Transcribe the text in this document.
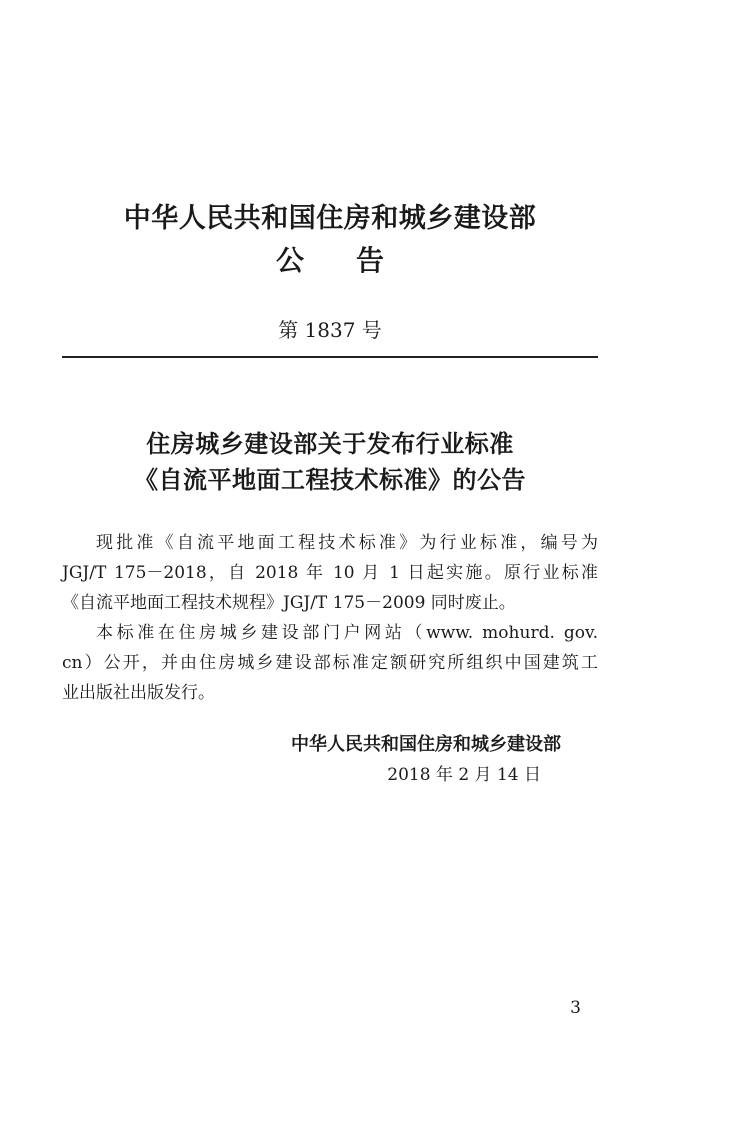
中华人民共和国住房和城乡建设部
公告
第 1837 号
住房城乡建设部关于发布行业标准
《自流平地面工程技术标准》的公告
现批准《自流平地面工程技术标准》为行业标准，编号为
JGJ/T 175－2018，自 2018 年 10 月 1 日起实施。原行业标准
《自流平地面工程技术规程》JGJ/T 175－2009 同时废止。
本标准在住房城乡建设部门户网站（www. mohurd. gov.
cn）公开，并由住房城乡建设部标准定额研究所组织中国建筑工
业出版社出版发行。
中华人民共和国住房和城乡建设部
2018 年 2 月 14 日
3
